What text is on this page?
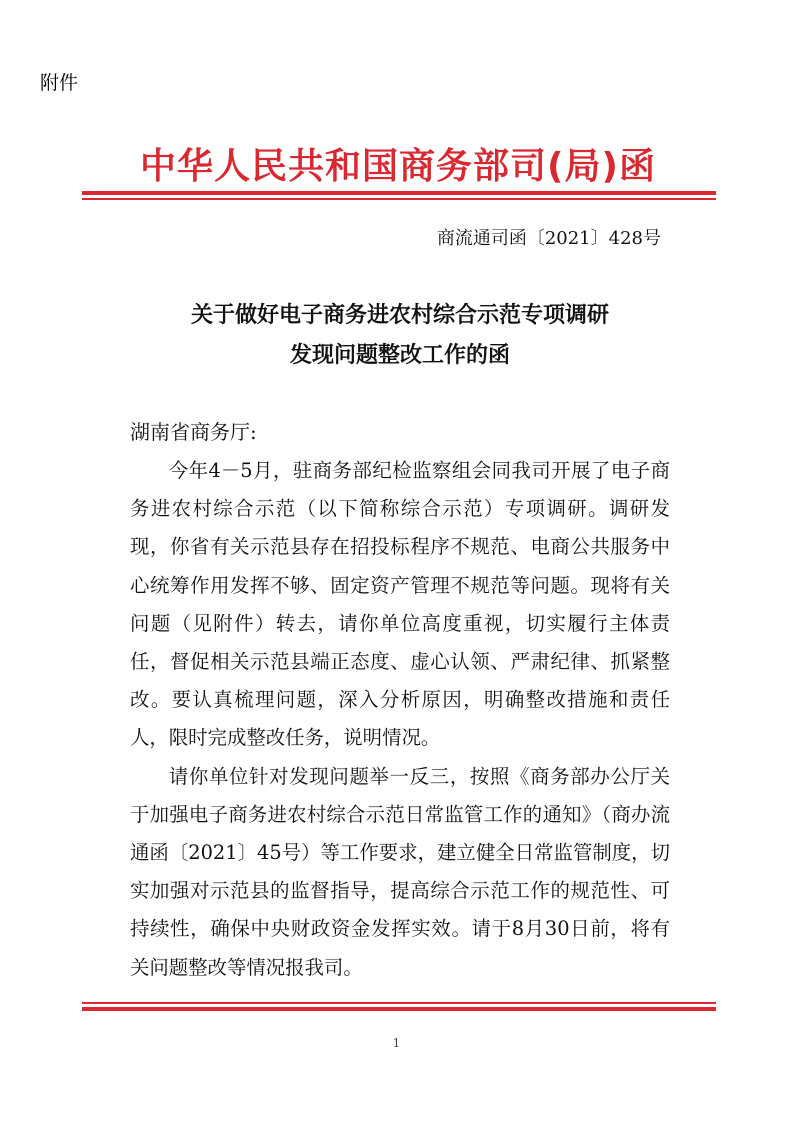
附件
中华人民共和国商务部司(局)函
商流通司函〔2021〕428号
关于做好电子商务进农村综合示范专项调研
发现问题整改工作的函
湖南省商务厅:

今年4－5月，驻商务部纪检监察组会同我司开展了电子商务进农村综合示范（以下简称综合示范）专项调研。调研发现，你省有关示范县存在招投标程序不规范、电商公共服务中心统筹作用发挥不够、固定资产管理不规范等问题。现将有关问题（见附件）转去，请你单位高度重视，切实履行主体责任，督促相关示范县端正态度、虚心认领、严肃纪律、抓紧整改。要认真梳理问题，深入分析原因，明确整改措施和责任人，限时完成整改任务，说明情况。

请你单位针对发现问题举一反三，按照《商务部办公厅关于加强电子商务进农村综合示范日常监管工作的通知》（商办流通函〔2021〕45号）等工作要求，建立健全日常监管制度，切实加强对示范县的监督指导，提高综合示范工作的规范性、可持续性，确保中央财政资金发挥实效。请于8月30日前，将有关问题整改等情况报我司。

1
